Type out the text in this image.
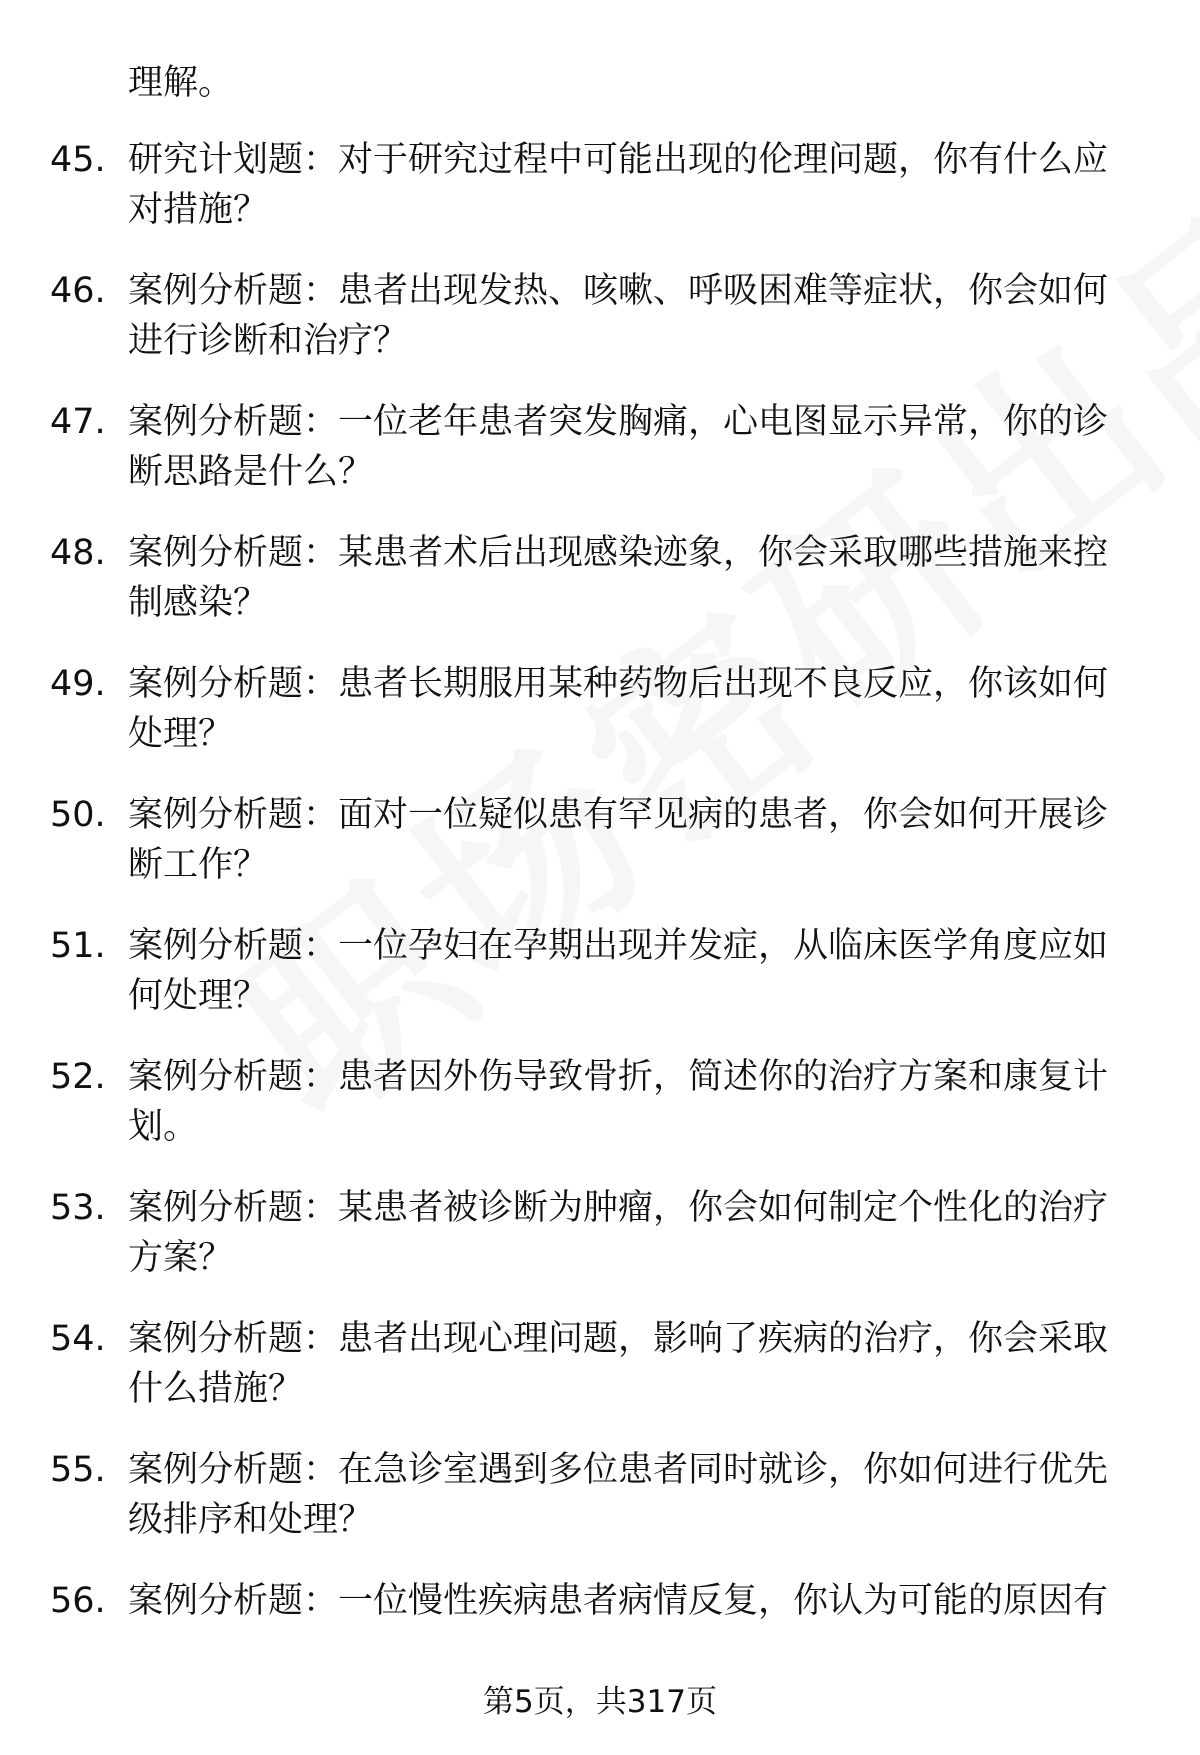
理解。
45. 研究计划题：对于研究过程中可能出现的伦理问题，你有什么应
对措施？
46. 案例分析题：患者出现发热、咳嗽、呼吸困难等症状，你会如何
进行诊断和治疗？
47. 案例分析题：一位老年患者突发胸痛，心电图显示异常，你的诊
断思路是什么？
48. 案例分析题：某患者术后出现感染迹象，你会采取哪些措施来控
制感染？
49. 案例分析题：患者长期服用某种药物后出现不良反应，你该如何
处理？
50. 案例分析题：面对一位疑似患有罕见病的患者，你会如何开展诊
断工作？
51. 案例分析题：一位孕妇在孕期出现并发症，从临床医学角度应如
何处理？
52. 案例分析题：患者因外伤导致骨折，简述你的治疗方案和康复计
划。
53. 案例分析题：某患者被诊断为肿瘤，你会如何制定个性化的治疗
方案？
54. 案例分析题：患者出现心理问题，影响了疾病的治疗，你会采取
什么措施？
55. 案例分析题：在急诊室遇到多位患者同时就诊，你如何进行优先
级排序和处理？
56. 案例分析题：一位慢性疾病患者病情反复，你认为可能的原因有
第5页，共317页
